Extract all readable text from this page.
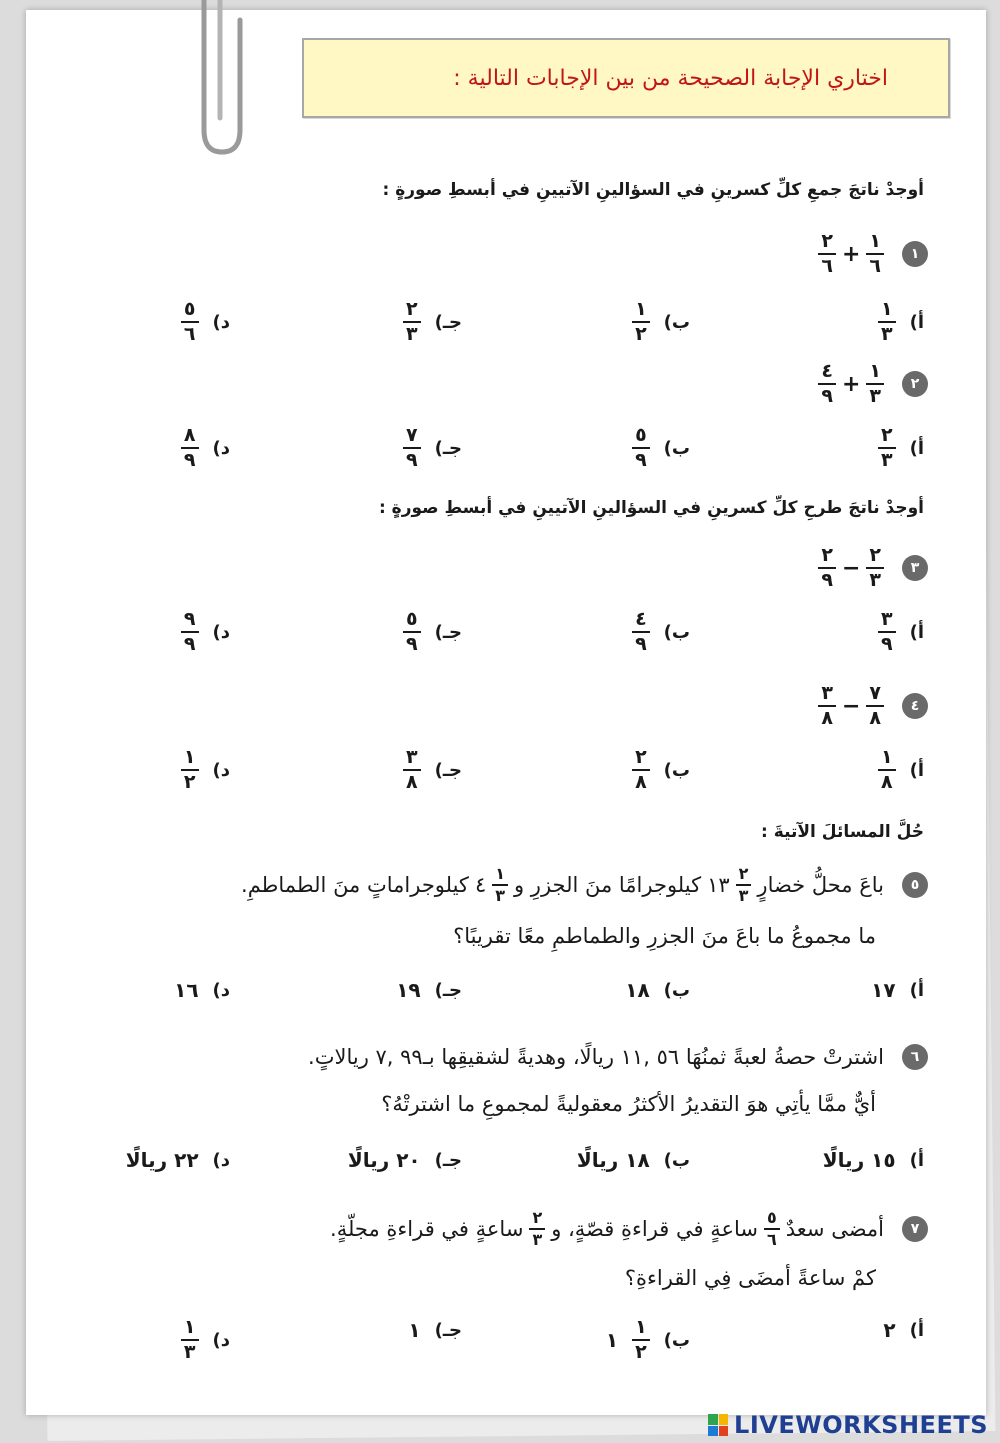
اختاري الإجابة الصحيحة من بين الإجابات التالية :
أوجدْ ناتجَ جمعِ كلِّ كسرينِ في السؤالينِ الآتيينِ في أبسطِ صورةٍ :
١
$\frac{٢}{٦} + \frac{١}{٦}$
أ)
$\frac{١}{٣}$
ب)
$\frac{١}{٢}$
جـ)
$\frac{٢}{٣}$
د)
$\frac{٥}{٦}$
٢
$\frac{٤}{٩} + \frac{١}{٣}$
أ)
$\frac{٢}{٣}$
ب)
$\frac{٥}{٩}$
جـ)
$\frac{٧}{٩}$
د)
$\frac{٨}{٩}$
أوجدْ ناتجَ طرحِ كلِّ كسرينِ في السؤالينِ الآتيينِ في أبسطِ صورةٍ :
٣
$\frac{٢}{٩} - \frac{٢}{٣}$
أ)
$\frac{٣}{٩}$
ب)
$\frac{٤}{٩}$
جـ)
$\frac{٥}{٩}$
د)
$\frac{٩}{٩}$
٤
$\frac{٣}{٨} - \frac{٧}{٨}$
أ)
$\frac{١}{٨}$
ب)
$\frac{٢}{٨}$
جـ)
$\frac{٣}{٨}$
د)
$\frac{١}{٢}$
حُلَّ المسائلَ الآتيةَ :
٥
باعَ محلُّ خضارٍ
$\frac{٢}{٣}$
١٣
كيلوجرامًا منَ الجزرِ و
$\frac{١}{٣}$
٤
كيلوجراماتٍ منَ الطماطمِ.
ما مجموعُ ما باعَ منَ الجزرِ والطماطمِ معًا تقريبًا؟
أ)
١٧
ب)
١٨
جـ)
١٩
د)
١٦
٦
اشترتْ حصةُ لعبةً ثمنُهَا ٥٦ ,١١ ريالًا، وهديةً لشقيقِها بـ٩٩ ,٧ ريالاتٍ.
أيٌّ ممَّا يأتِي هوَ التقديرُ الأكثرُ معقوليةً لمجموعِ ما اشترتْهُ؟
أ)
١٥ ريالًا
ب)
١٨ ريالًا
جـ)
٢٠ ريالًا
د)
٢٢ ريالًا
٧
أمضى سعدٌ
$\frac{٥}{٦}$
ساعةٍ في قراءةِ قصّةٍ، و
$\frac{٢}{٣}$
ساعةٍ في قراءةِ مجلّةٍ.
كمْ ساعةً أمضَى فِي القراءةِ؟
أ)
٢
ب)
$\frac{١}{٢}$
١
جـ)
١
د)
$\frac{١}{٣}$
LIVEWORKSHEETS
